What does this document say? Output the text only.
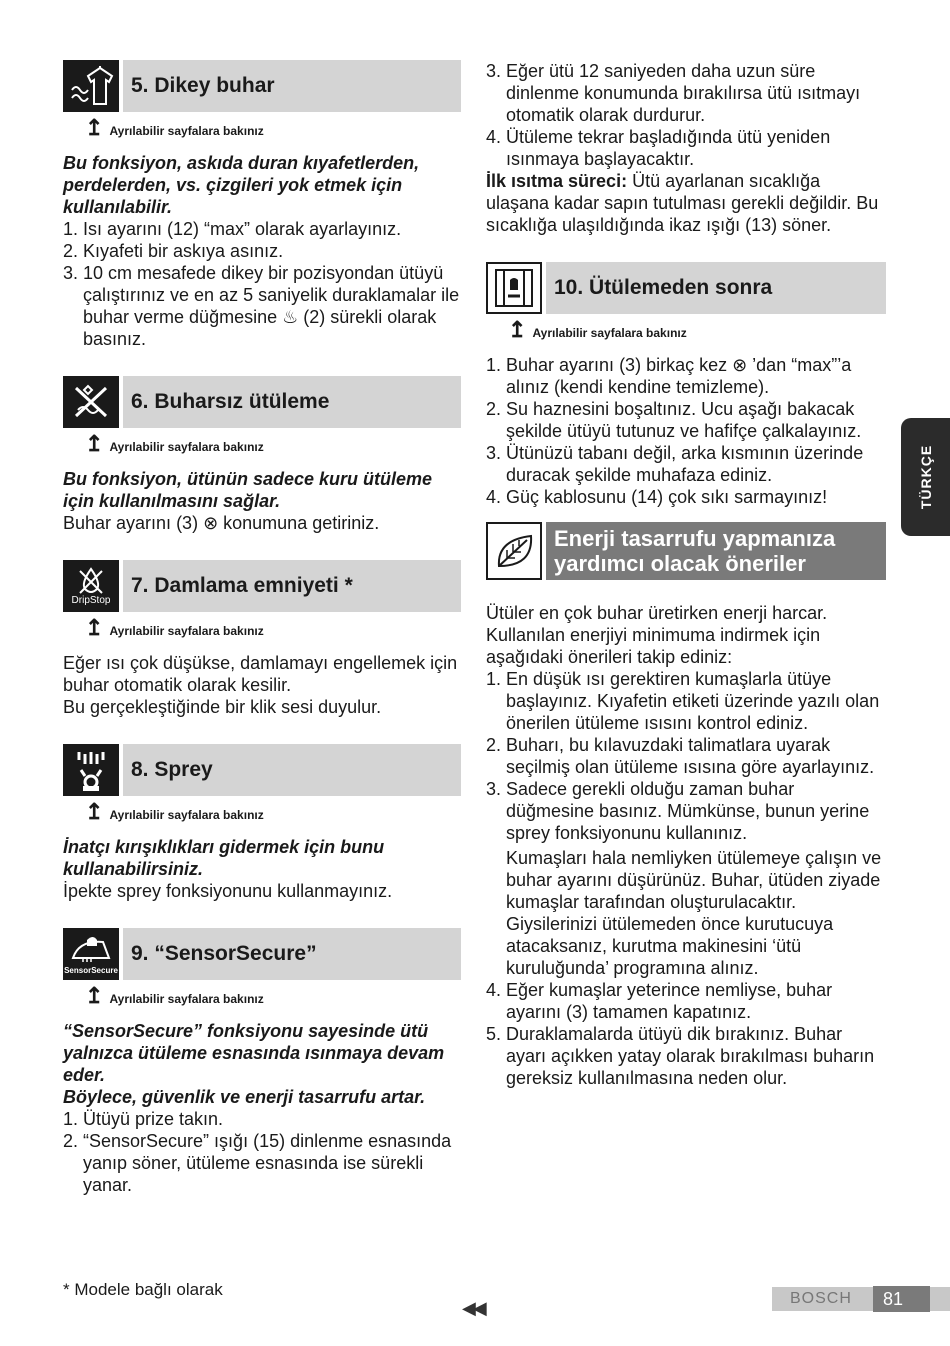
5. Dikey buhar
↥ Ayrılabilir sayfalara bakınız

Bu fonksiyon, askıda duran kıyafetlerden, perdelerden, vs. çizgileri yok etmek için kullanılabilir.

1. Isı ayarını (12) “max” olarak ayarlayınız.
2. Kıyafeti bir askıya asınız.
3. 10 cm mesafede dikey bir pozisyondan ütüyü çalıştırınız ve en az 5 saniyelik duraklamalar ile buhar verme düğmesine ♨ (2) sürekli olarak basınız.
6. Buharsız ütüleme
↥ Ayrılabilir sayfalara bakınız

Bu fonksiyon, ütünün sadece kuru ütüleme için kullanılmasını sağlar.

Buhar ayarını (3) ⊗ konumuna getiriniz.

DripStop
7. Damlama emniyeti *
↥ Ayrılabilir sayfalara bakınız

Eğer ısı çok düşükse, damlamayı engellemek için buhar otomatik olarak kesilir.

Bu gerçekleştiğinde bir klik sesi duyulur.

8. Sprey
↥ Ayrılabilir sayfalara bakınız

İnatçı kırışıklıkları gidermek için bunu kullanabilirsiniz.

İpekte sprey fonksiyonunu kullanmayınız.

SensorSecure
9. “SensorSecure”
↥ Ayrılabilir sayfalara bakınız

“SensorSecure” fonksiyonu sayesinde ütü yalnızca ütüleme esnasında ısınmaya devam eder.

Böylece, güvenlik ve enerji tasarrufu artar.

1. Ütüyü prize takın.
2. “SensorSecure” ışığı (15) dinlenme esnasında yanıp söner, ütüleme esnasında ise sürekli yanar.
3. Eğer ütü 12 saniyeden daha uzun süre dinlenme konumunda bırakılırsa ütü ısıtmayı otomatik olarak durdurur.
4. Ütüleme tekrar başladığında ütü yeniden ısınmaya başlayacaktır.

İlk ısıtma süreci: Ütü ayarlanan sıcaklığa ulaşana kadar sapın tutulması gerekli değildir. Bu sıcaklığa ulaşıldığında ikaz ışığı (13) söner.

10. Ütülemeden sonra
↥ Ayrılabilir sayfalara bakınız
1. Buhar ayarını (3) birkaç kez ⊗ ’dan “max”’a alınız (kendi kendine temizleme).
2. Su haznesini boşaltınız. Ucu aşağı bakacak şekilde ütüyü tutunuz ve hafifçe çalkalayınız.
3. Ütünüzü tabanı değil, arka kısmının üzerinde duracak şekilde muhafaza ediniz.
4. Güç kablosunu (14) çok sıkı sarmayınız!
Enerji tasarrufu yapmanıza
yardımcı olacak öneriler

Ütüler en çok buhar üretirken enerji harcar. Kullanılan enerjiyi minimuma indirmek için aşağıdaki önerileri takip ediniz:

1. En düşük ısı gerektiren kumaşlarla ütüye başlayınız. Kıyafetin etiketi üzerinde yazılı olan önerilen ütüleme ısısını kontrol ediniz.
2. Buharı, bu kılavuzdaki talimatlara uyarak seçilmiş olan ütüleme ısısına göre ayarlayınız.
3. Sadece gerekli olduğu zaman buhar düğmesine basınız. Mümkünse, bunun yerine sprey fonksiyonunu kullanınız.
Kumaşları hala nemliyken ütülemeye çalışın ve buhar ayarını düşürünüz. Buhar, ütüden ziyade kumaşlar tarafından oluşturulacaktır. Giysilerinizi ütülemeden önce kurutucuya atacaksanız, kurutma makinesini ‘ütü kuruluğunda’ programına alınız.
4. Eğer kumaşlar yeterince nemliyse, buhar ayarını (3) tamamen kapatınız.
5. Duraklamalarda ütüyü dik bırakınız. Buhar ayarı açıkken yatay olarak bırakılması buharın gereksiz kullanılmasına neden olur.
TÜRKÇE
* Modele bağlı olarak
◀◀	BOSCH	81
